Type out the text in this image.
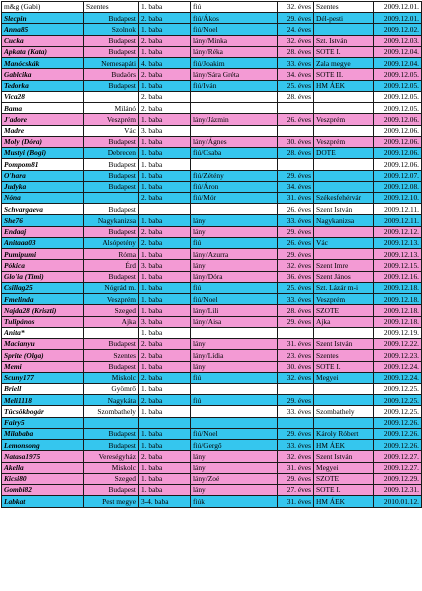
m&g (Gabi)	Szentes	1. baba	fiú	32. éves	Szentes	2009.12.01.
Slecpin	Budapest	2. baba	fiú/Ákos	29. éves	Dél-pesti	2009.12.01.
Anna85	Szolnok	1. baba	fiú/Noel	24. éves		2009.12.02.
Cucka	Budapest	2. baba	lány/Minka	32. éves	Szt. István	2009.12.03.
Apkata (Kata)	Budapest	1. baba	lány/Réka	28. éves	SOTE I.	2009.12.04.
Manócskák	Nemesapáti	4. baba	fiú/Joakim	33. éves	Zala megye	2009.12.04.
Gablcika	Budaörs	2. baba	lány/Sára Gréta	34. éves	SOTE II.	2009.12.05.
Tedorka	Budapest	1. baba	fiú/Iván	25. éves	HM ÁEK	2009.12.05.
Vica28		2. baba		28. éves		2009.12.05.
Bama	Milánó	2. baba				2009.12.05.
J'adore	Veszprém	1. baba	lány/Jázmin	26. éves	Veszprém	2009.12.06.
Madre	Vác	3. baba				2009.12.06.
Moly (Dóra)	Budapest	1. baba	lány/Ágnes	30. éves	Veszprém	2009.12.06.
Mustyi (Bogi)	Debrecen	1. baba	fiú/Csaba	28. éves	DOTE	2009.12.06.
Pompom81	Budapest	1. baba				2009.12.06.
O'hara	Budapest	1. baba	fiú/Zétény	29. éves		2009.12.07.
Judyka	Budapest	1. baba	fiú/Áron	34. éves		2009.12.08.
Nóna		2. baba	fiú/Mór	31. éves	Székesfehérvár	2009.12.10.
Schvargaeva	Budapest			26. éves	Szent István	2009.12.11.
She76	Nagykanizsa	1. baba	lány	33. éves	Nagykanizsa	2009.12.11.
Endaaj	Budapest	2. baba	lány	29. éves		2009.12.12.
Anitaaa03	Alsópetény	2. baba	fiú	26. éves	Vác	2009.12.13.
Pumipumi	Róma	1. baba	lány/Azurra	29. éves		2009.12.13.
Pókica	Érd	3. baba	lány	32. éves	Szent Imre	2009.12.15.
Glo'ia (Timi)	Budapest	1. baba	lány/Dóra	36. éves	Szent János	2009.12.16.
Csillag25	Nógrád m.	1. baba	fiú	25. éves	Szt. Lázár m-i	2009.12.18.
Fmelinda	Veszprém	1. baba	fiú/Noel	33. éves	Veszprém	2009.12.18.
Najda28 (Kriszti)	Szeged	1. baba	lány/Lili	28. éves	SZOTE	2009.12.18.
Tulipános	Ajka	3. baba	lány/Aisa	29. éves	Ajka	2009.12.18.
Anita*		1. baba				2009.12.19.
Macianyu	Budapest	2. baba	lány	31. éves	Szent István	2009.12.22.
Sprite (Olga)	Szentes	2. baba	lány/Lídia	23. éves	Szentes	2009.12.23.
Memi	Budapest	1. baba	lány	30. éves	SOTE I.	2009.12.24.
Scuny177	Miskolc	2. baba	fiú	32. éves	Megyei	2009.12.24.
Briell	Gyömrő	1. baba				2009.12.25.
Meli1118	Nagykáta	2. baba	fiú	29. éves		2009.12.25.
Tücsökbogár	Szombathely	1. baba		33. éves	Szombathely	2009.12.25.
Fairy5						2009.12.26.
Milababa	Budapest	1. baba	fiú/Noel	29. éves	Károly Róbert	2009.12.26.
Lemonsong	Budapest	1. baba	fiú/Gergő	33. éves	HM ÁEK	2009.12.26.
Natasa1975	Vereségyház	2. baba	lány	32. éves	Szent István	2009.12.27.
Akella	Miskolc	1. baba	lány	31. éves	Megyei	2009.12.27.
Kicsi80	Szeged	1. baba	lány/Zoé	29. éves	SZOTE	2009.12.29.
Gombi82	Budapest	1. baba	lány	27. éves	SOTE I.	2009.12.31.
Labkat	Pest megye	3-4. baba	fiúk	31. éves	HM ÁEK	2010.01.12.
